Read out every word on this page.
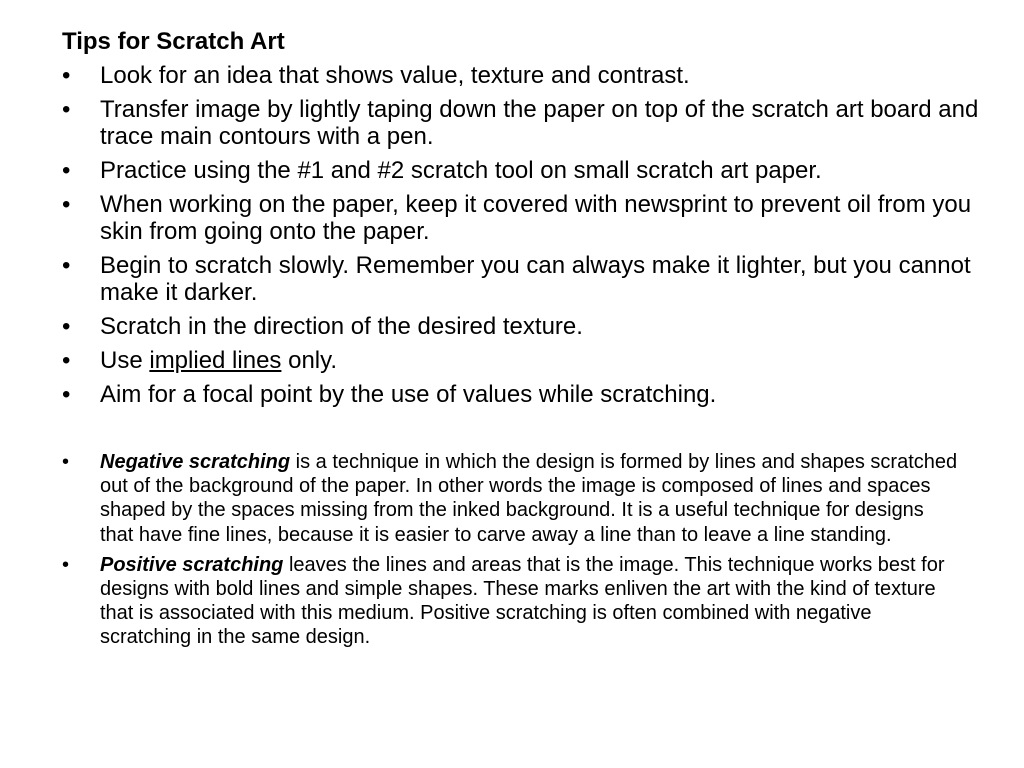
Tips for Scratch Art
• Look for an idea that shows value, texture and contrast.
• Transfer image by lightly taping down the paper on top of the scratch art board and trace main contours with a pen.
• Practice using the #1 and #2 scratch tool on small scratch art paper.
• When working on the paper, keep it covered with newsprint to prevent oil from you skin from going onto the paper.
• Begin to scratch slowly. Remember you can always make it lighter, but you cannot make it darker.
• Scratch in the direction of the desired texture.
• Use implied lines only.
• Aim for a focal point by the use of values while scratching.
• Negative scratching is a technique in which the design is formed by lines and shapes scratched out of the background of the paper. In other words the image is composed of lines and spaces shaped by the spaces missing from the inked background. It is a useful technique for designs that have fine lines, because it is easier to carve away a line than to leave a line standing.
• Positive scratching leaves the lines and areas that is the image. This technique works best for designs with bold lines and simple shapes. These marks enliven the art with the kind of texture that is associated with this medium. Positive scratching is often combined with negative scratching in the same design.
